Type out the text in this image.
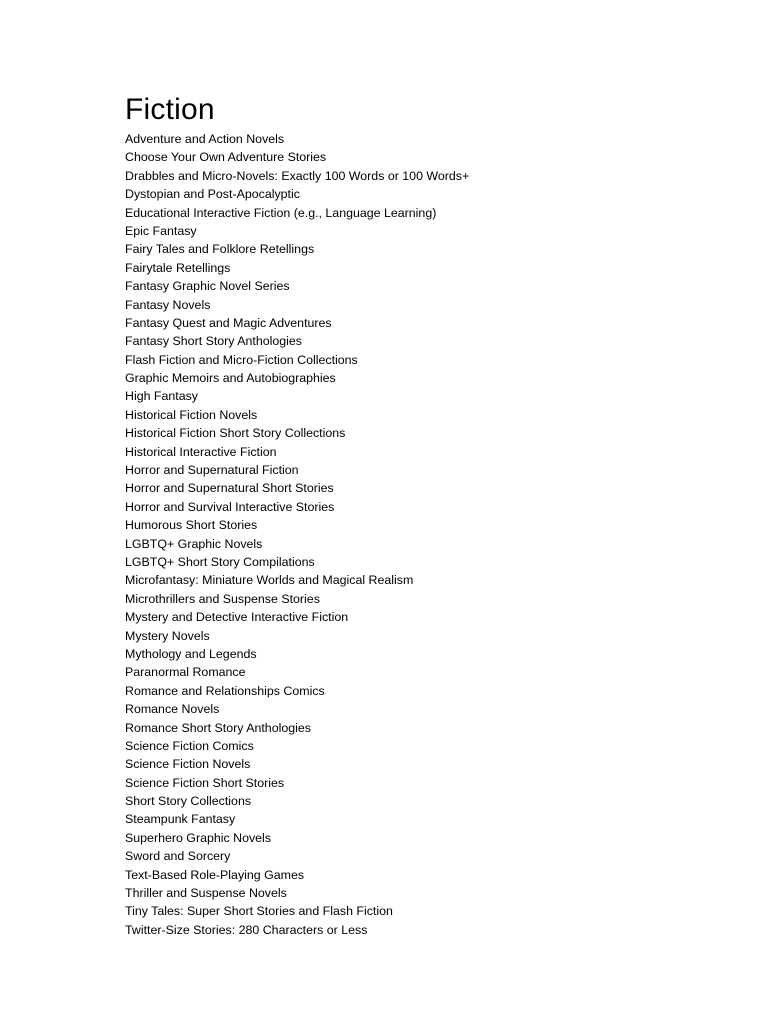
Fiction
Adventure and Action Novels
Choose Your Own Adventure Stories
Drabbles and Micro-Novels: Exactly 100 Words or 100 Words+
Dystopian and Post-Apocalyptic
Educational Interactive Fiction (e.g., Language Learning)
Epic Fantasy
Fairy Tales and Folklore Retellings
Fairytale Retellings
Fantasy Graphic Novel Series
Fantasy Novels
Fantasy Quest and Magic Adventures
Fantasy Short Story Anthologies
Flash Fiction and Micro-Fiction Collections
Graphic Memoirs and Autobiographies
High Fantasy
Historical Fiction Novels
Historical Fiction Short Story Collections
Historical Interactive Fiction
Horror and Supernatural Fiction
Horror and Supernatural Short Stories
Horror and Survival Interactive Stories
Humorous Short Stories
LGBTQ+ Graphic Novels
LGBTQ+ Short Story Compilations
Microfantasy: Miniature Worlds and Magical Realism
Microthrillers and Suspense Stories
Mystery and Detective Interactive Fiction
Mystery Novels
Mythology and Legends
Paranormal Romance
Romance and Relationships Comics
Romance Novels
Romance Short Story Anthologies
Science Fiction Comics
Science Fiction Novels
Science Fiction Short Stories
Short Story Collections
Steampunk Fantasy
Superhero Graphic Novels
Sword and Sorcery
Text-Based Role-Playing Games
Thriller and Suspense Novels
Tiny Tales: Super Short Stories and Flash Fiction
Twitter-Size Stories: 280 Characters or Less
